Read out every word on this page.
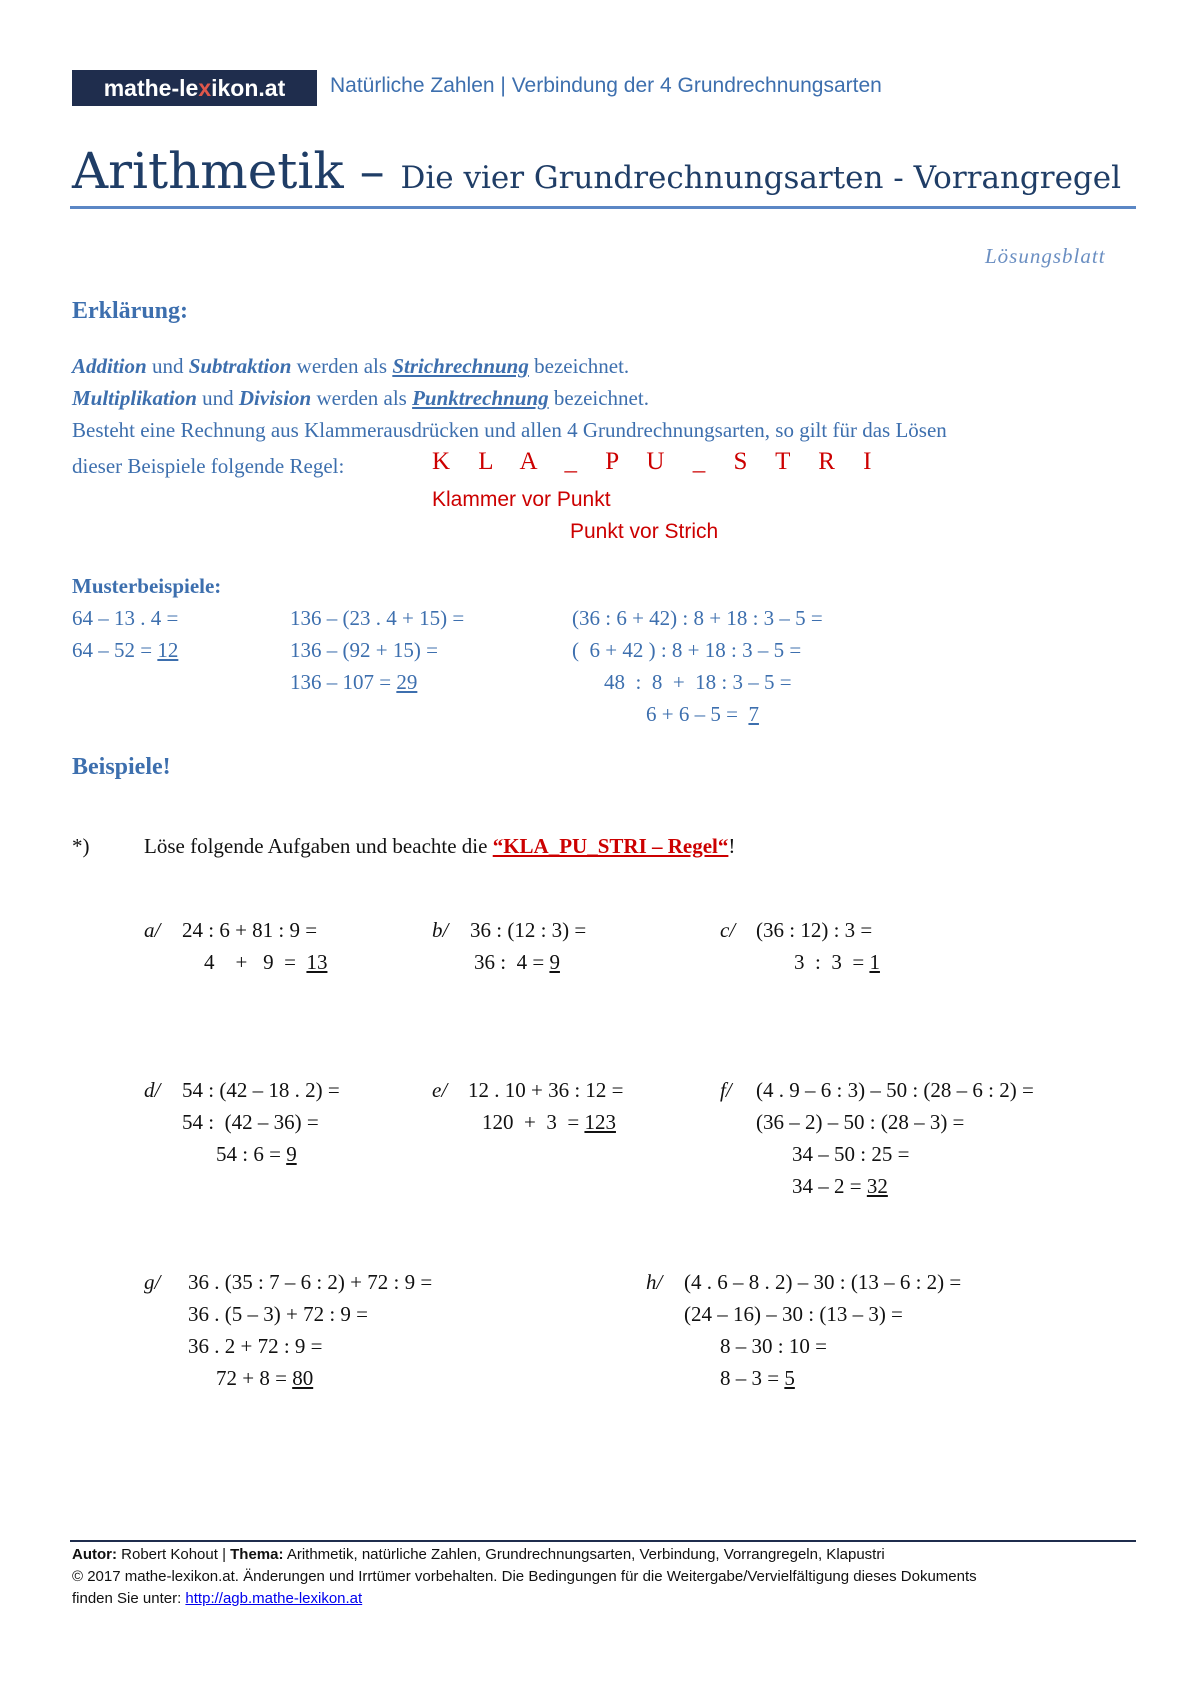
mathe-lexikon.at	Natürliche Zahlen | Verbindung der 4 Grundrechnungsarten
Arithmetik – Die vier Grundrechnungsarten - Vorrangregel
Lösungsblatt
Erklärung:
Addition und Subtraktion werden als Strichrechnung bezeichnet.
Multiplikation und Division werden als Punktrechnung bezeichnet.
Besteht eine Rechnung aus Klammerausdrücken und allen 4 Grundrechnungsarten, so gilt für das Lösen
dieser Beispiele folgende Regel:	K L A _ P U _ S T R I
Klammer vor Punkt
Punkt vor Strich
Musterbeispiele:
64 – 13 . 4 =
64 – 52 = 12
136 – (23 . 4 + 15) =
136 – (92 + 15) =
136 – 107 = 29
(36 : 6 + 42) : 8 + 18 : 3 – 5 =
(  6 + 42 ) : 8 + 18 : 3 – 5 =
48  :  8  +  18 : 3 – 5 =
6 + 6 – 5 =  7
Beispiele!
*)	Löse folgende Aufgaben und beachte die “KLA_PU_STRI – Regel“!
a/ 24 : 6 + 81 : 9 =
4    +   9  =  13
b/ 36 : (12 : 3) =
36 :  4 = 9
c/ (36 : 12) : 3 =
3  :  3  = 1
d/ 54 : (42 – 18 . 2) =
54 :  (42 – 36) =
54 : 6 = 9
e/ 12 . 10 + 36 : 12 =
120  +  3  = 123
f/ (4 . 9 – 6 : 3) – 50 : (28 – 6 : 2) =
(36 – 2) – 50 : (28 – 3) =
34 – 50 : 25 =
34 – 2 = 32
g/ 36 . (35 : 7 – 6 : 2) + 72 : 9 =
36 . (5 – 3) + 72 : 9 =
36 . 2 + 72 : 9 =
72 + 8 = 80
h/ (4 . 6 – 8 . 2) – 30 : (13 – 6 : 2) =
(24 – 16) – 30 : (13 – 3) =
8 – 30 : 10 =
8 – 3 = 5
Autor: Robert Kohout | Thema: Arithmetik, natürliche Zahlen, Grundrechnungsarten, Verbindung, Vorrangregeln, Klapustri
© 2017 mathe-lexikon.at. Änderungen und Irrtümer vorbehalten. Die Bedingungen für die Weitergabe/Vervielfältigung dieses Dokuments
finden Sie unter: http://agb.mathe-lexikon.at
